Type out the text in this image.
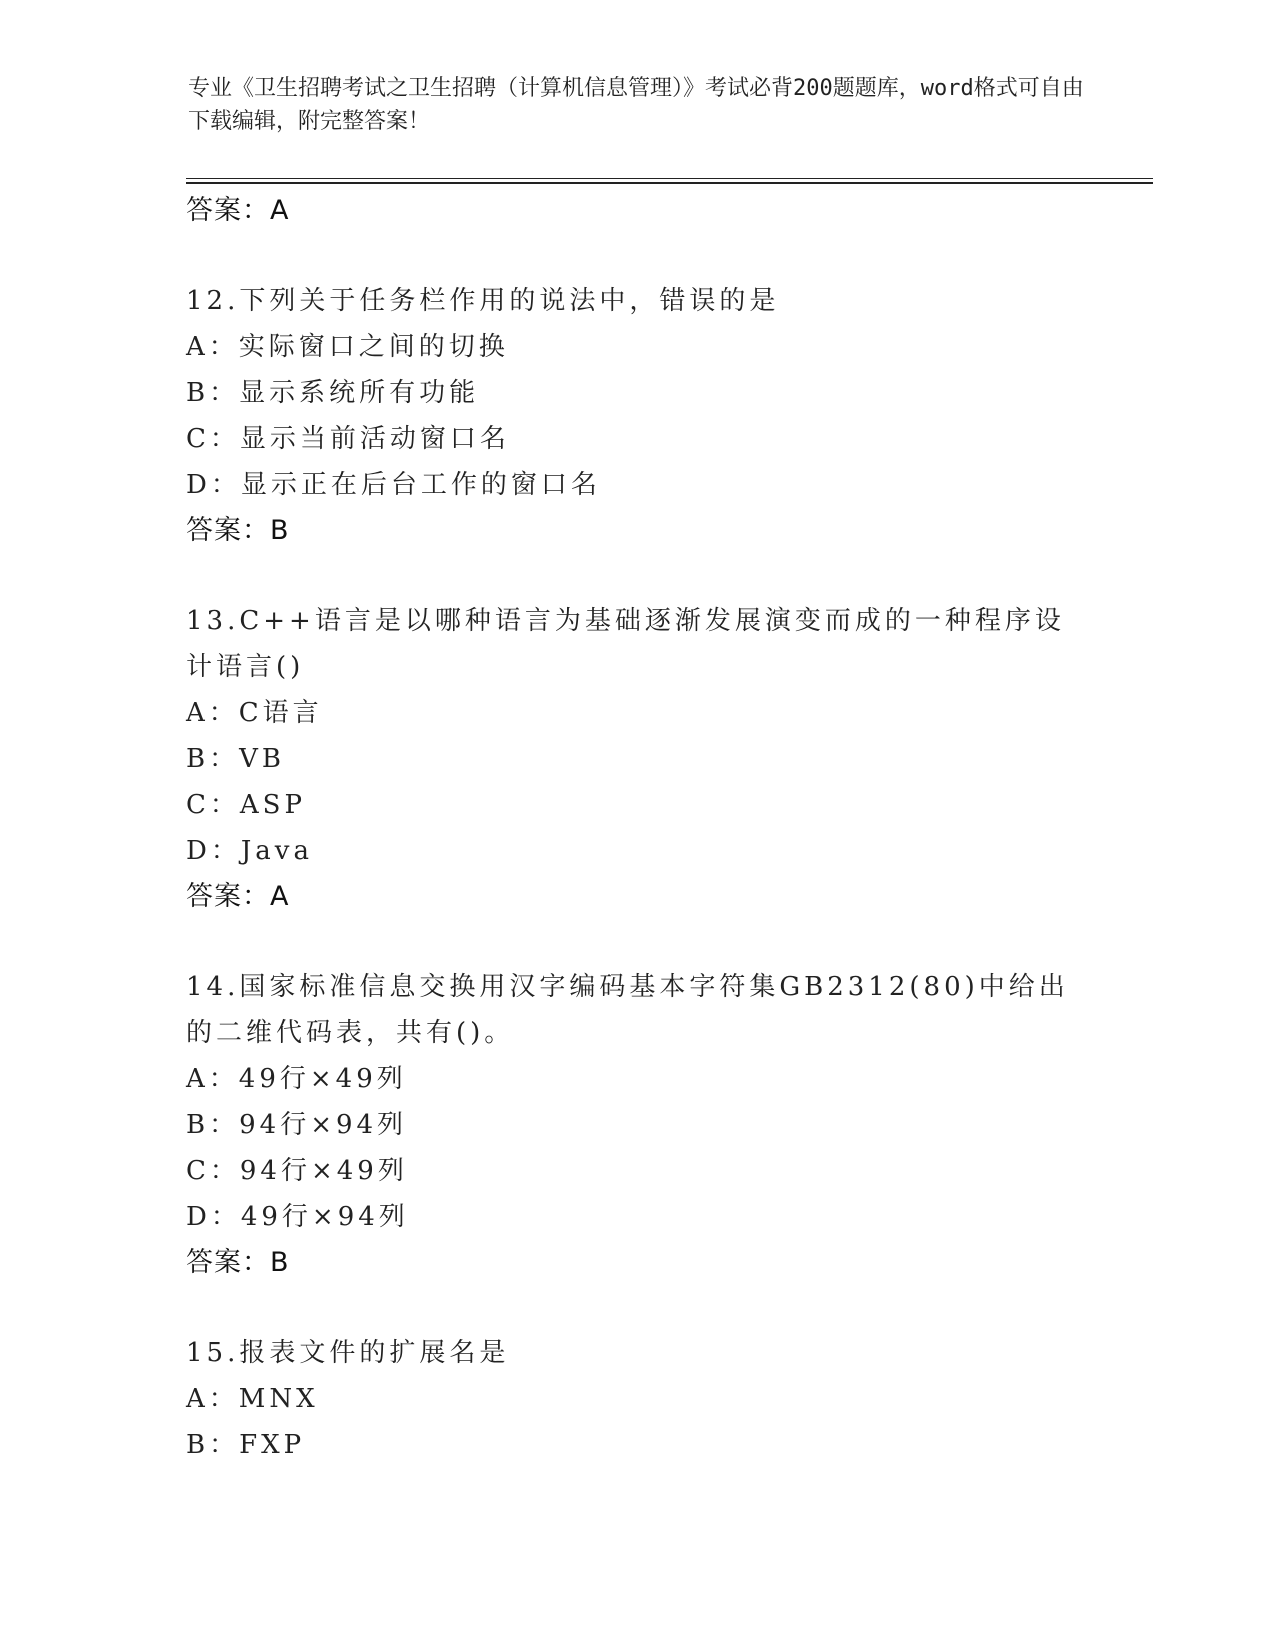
专业《卫生招聘考试之卫生招聘（计算机信息管理）》考试必背200题题库，word格式可自由下载编辑，附完整答案！
答案：A
12.下列关于任务栏作用的说法中，错误的是
A：实际窗口之间的切换
B：显示系统所有功能
C：显示当前活动窗口名
D：显示正在后台工作的窗口名
答案：B
13.C++语言是以哪种语言为基础逐渐发展演变而成的一种程序设计语言()
A：C语言
B：VB
C：ASP
D：Java
答案：A
14.国家标准信息交换用汉字编码基本字符集GB2312(80)中给出的二维代码表，共有()。
A：49行×49列
B：94行×94列
C：94行×49列
D：49行×94列
答案：B
15.报表文件的扩展名是
A：MNX
B：FXP
